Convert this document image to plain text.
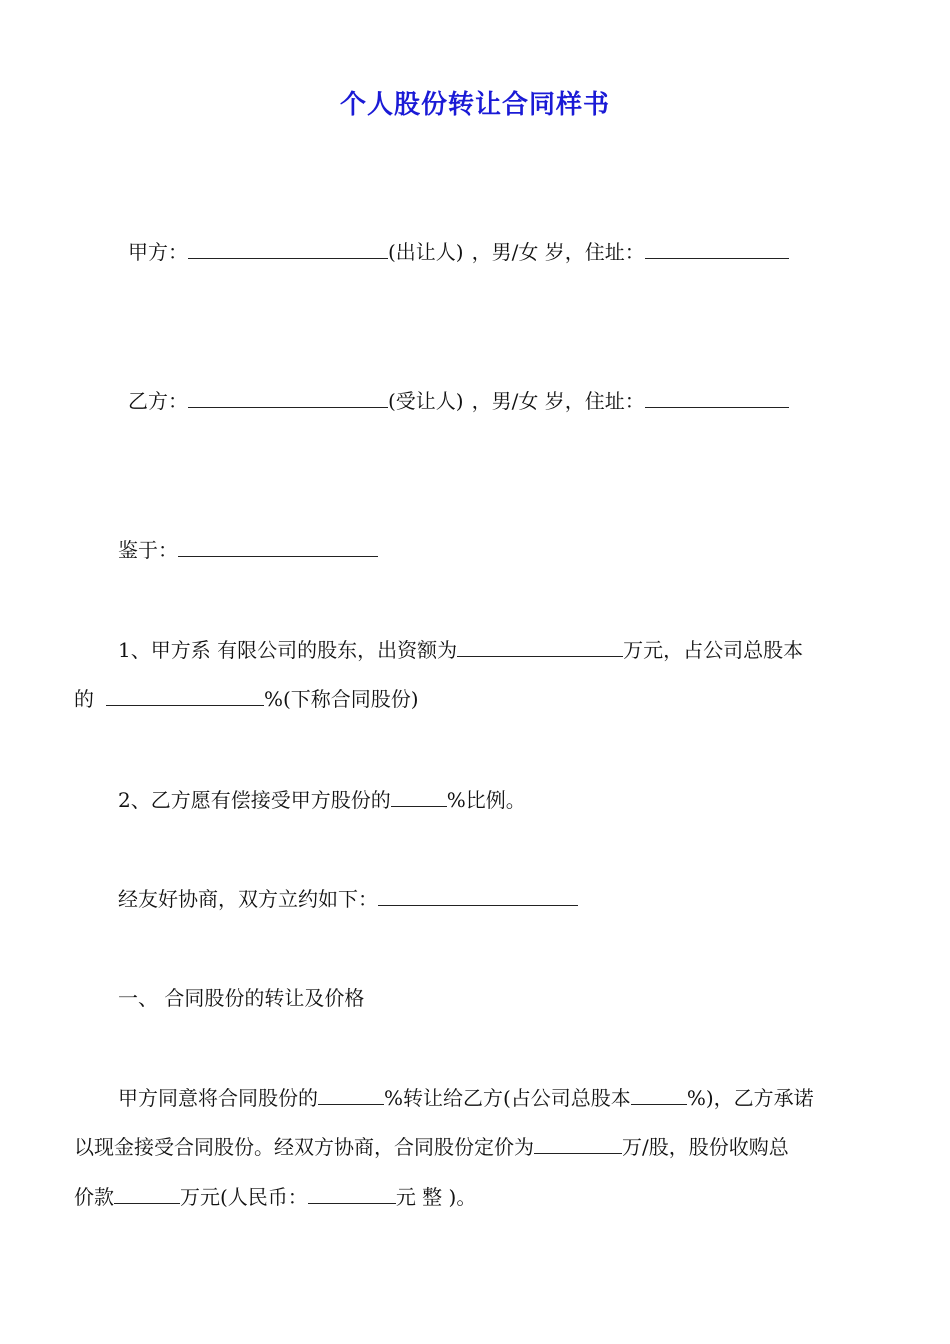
个人股份转让合同样书
甲方：	(出让人) ，男/女 岁，住址：
乙方：	(受让人) ，男/女 岁，住址：
鉴于：
1、甲方系 有限公司的股东，出资额为	万元，占公司总股本
的	%(下称合同股份)
2、乙方愿有偿接受甲方股份的	%比例。
经友好协商，双方立约如下：
一、 合同股份的转让及价格
甲方同意将合同股份的	%转让给乙方(占公司总股本	%)，乙方承诺
以现金接受合同股份。经双方协商，合同股份定价为	万/股，股份收购总
价款	万元(人民币：	元 整 )。
